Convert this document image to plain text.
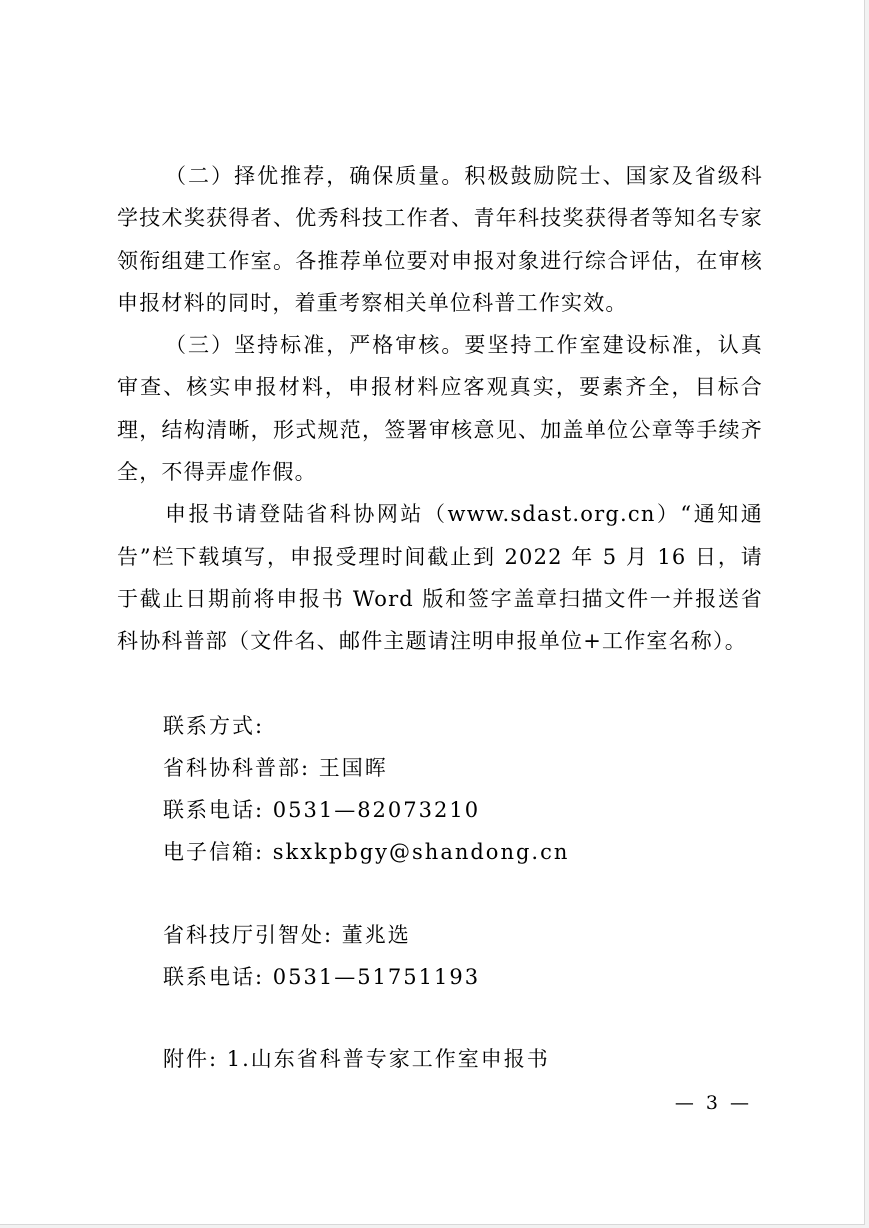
（二）择优推荐，确保质量。积极鼓励院士、国家及省级科学技术奖获得者、优秀科技工作者、青年科技奖获得者等知名专家领衔组建工作室。各推荐单位要对申报对象进行综合评估，在审核申报材料的同时，着重考察相关单位科普工作实效。

（三）坚持标准，严格审核。要坚持工作室建设标准，认真审查、核实申报材料，申报材料应客观真实，要素齐全，目标合理，结构清晰，形式规范，签署审核意见、加盖单位公章等手续齐全，不得弄虚作假。

申报书请登陆省科协网站（www.sdast.org.cn）“通知通告”栏下载填写，申报受理时间截止到 2022 年 5 月 16 日，请于截止日期前将申报书 Word 版和签字盖章扫描文件一并报送省科协科普部（文件名、邮件主题请注明申报单位+工作室名称）。

联系方式:

省科协科普部: 王国晖

联系电话: 0531—82073210

电子信箱: skxkpbgy@shandong.cn

省科技厅引智处: 董兆选

联系电话: 0531—51751193

附件: 1.山东省科普专家工作室申报书

— 3 —
